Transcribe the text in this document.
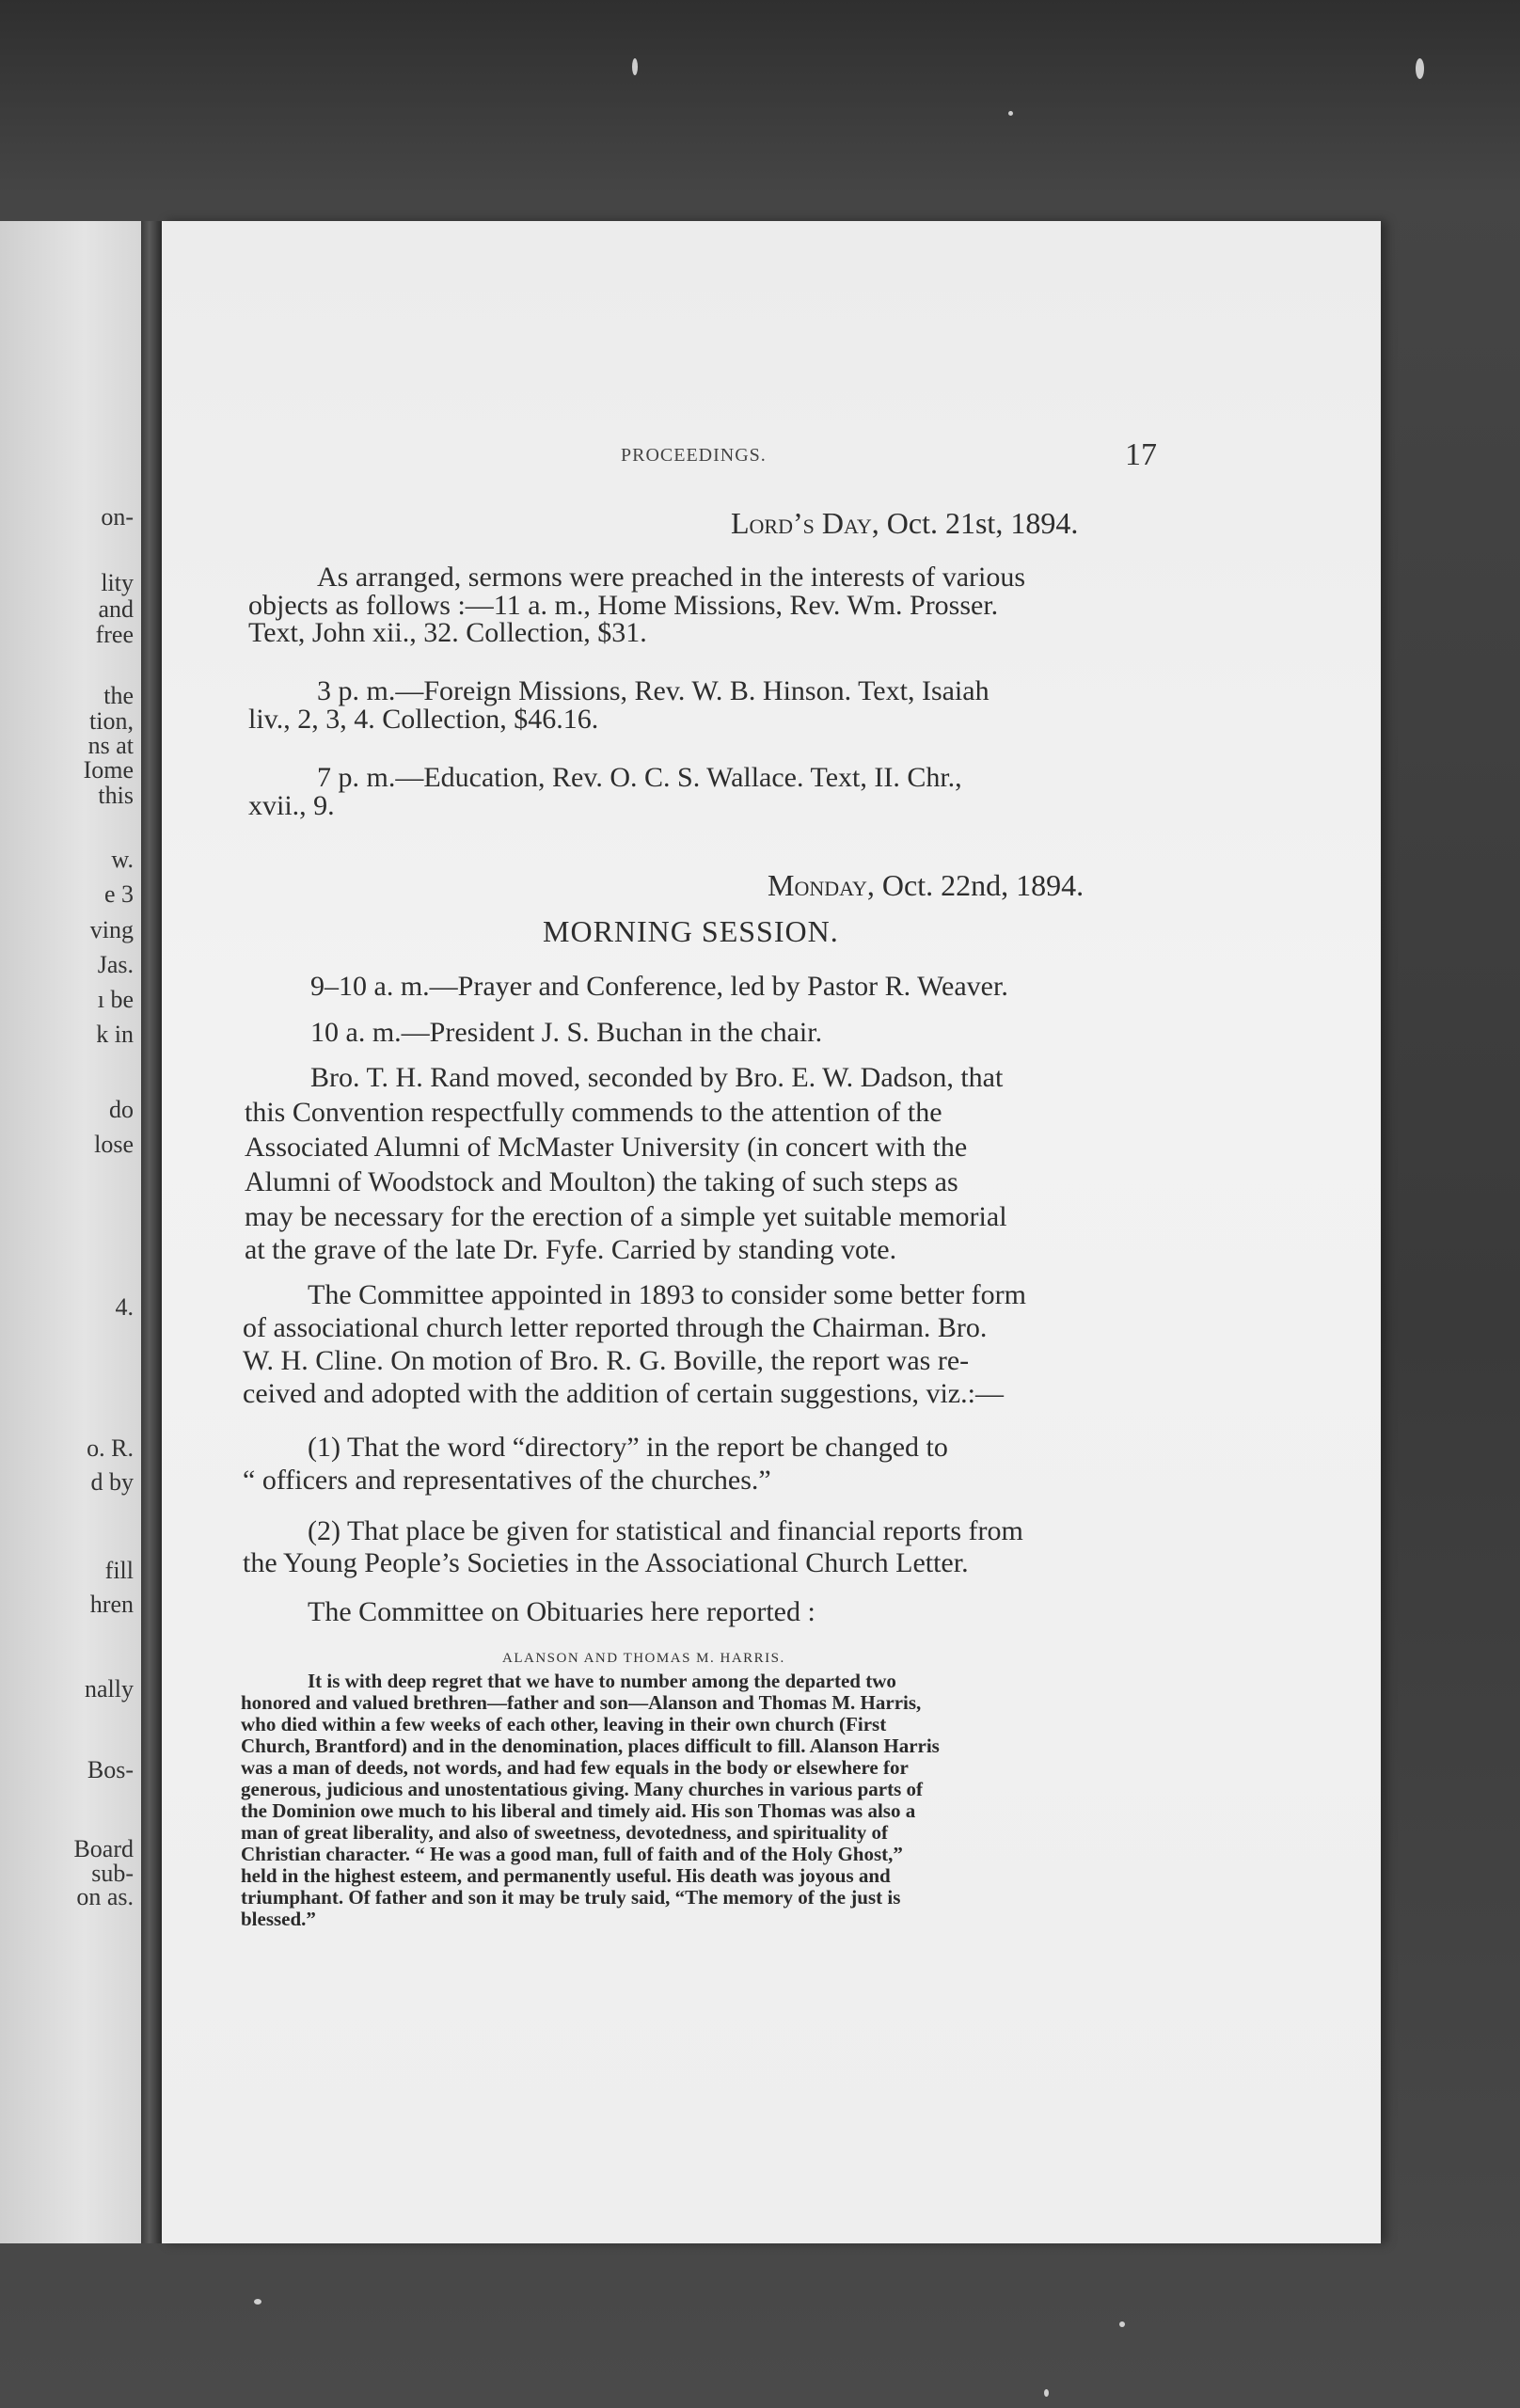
on-
lity
and
free
the
tion,
ns at
Iome
this
w.
e 3
ving
Jas.
ı be
k in
do
lose
4.
o. R.
d by
fill
hren
nally
Bos-
Board
sub-
on as.
PROCEEDINGS.	17
Lord’s Day, Oct. 21st, 1894.
As arranged, sermons were preached in the interests of various
objects as follows :—11 a. m., Home Missions, Rev. Wm. Prosser.
Text, John xii., 32. Collection, $31.
3 p. m.—Foreign Missions, Rev. W. B. Hinson. Text, Isaiah
liv., 2, 3, 4. Collection, $46.16.
7 p. m.—Education, Rev. O. C. S. Wallace. Text, II. Chr.,
xvii., 9.
Monday, Oct. 22nd, 1894.
MORNING SESSION.
9–10 a. m.—Prayer and Conference, led by Pastor R. Weaver.
10 a. m.—President J. S. Buchan in the chair.
Bro. T. H. Rand moved, seconded by Bro. E. W. Dadson, that
this Convention respectfully commends to the attention of the
Associated Alumni of McMaster University (in concert with the
Alumni of Woodstock and Moulton) the taking of such steps as
may be necessary for the erection of a simple yet suitable memorial
at the grave of the late Dr. Fyfe. Carried by standing vote.
The Committee appointed in 1893 to consider some better form
of associational church letter reported through the Chairman. Bro.
W. H. Cline. On motion of Bro. R. G. Boville, the report was re-
ceived and adopted with the addition of certain suggestions, viz.:—
(1) That the word “directory” in the report be changed to
“ officers and representatives of the churches.”
(2) That place be given for statistical and financial reports from
the Young People’s Societies in the Associational Church Letter.
The Committee on Obituaries here reported :
ALANSON AND THOMAS M. HARRIS.
It is with deep regret that we have to number among the departed two
honored and valued brethren—father and son—Alanson and Thomas M. Harris,
who died within a few weeks of each other, leaving in their own church (First
Church, Brantford) and in the denomination, places difficult to fill. Alanson Harris
was a man of deeds, not words, and had few equals in the body or elsewhere for
generous, judicious and unostentatious giving. Many churches in various parts of
the Dominion owe much to his liberal and timely aid. His son Thomas was also a
man of great liberality, and also of sweetness, devotedness, and spirituality of
Christian character. “ He was a good man, full of faith and of the Holy Ghost,”
held in the highest esteem, and permanently useful. His death was joyous and
triumphant. Of father and son it may be truly said, “The memory of the just is
blessed.”
